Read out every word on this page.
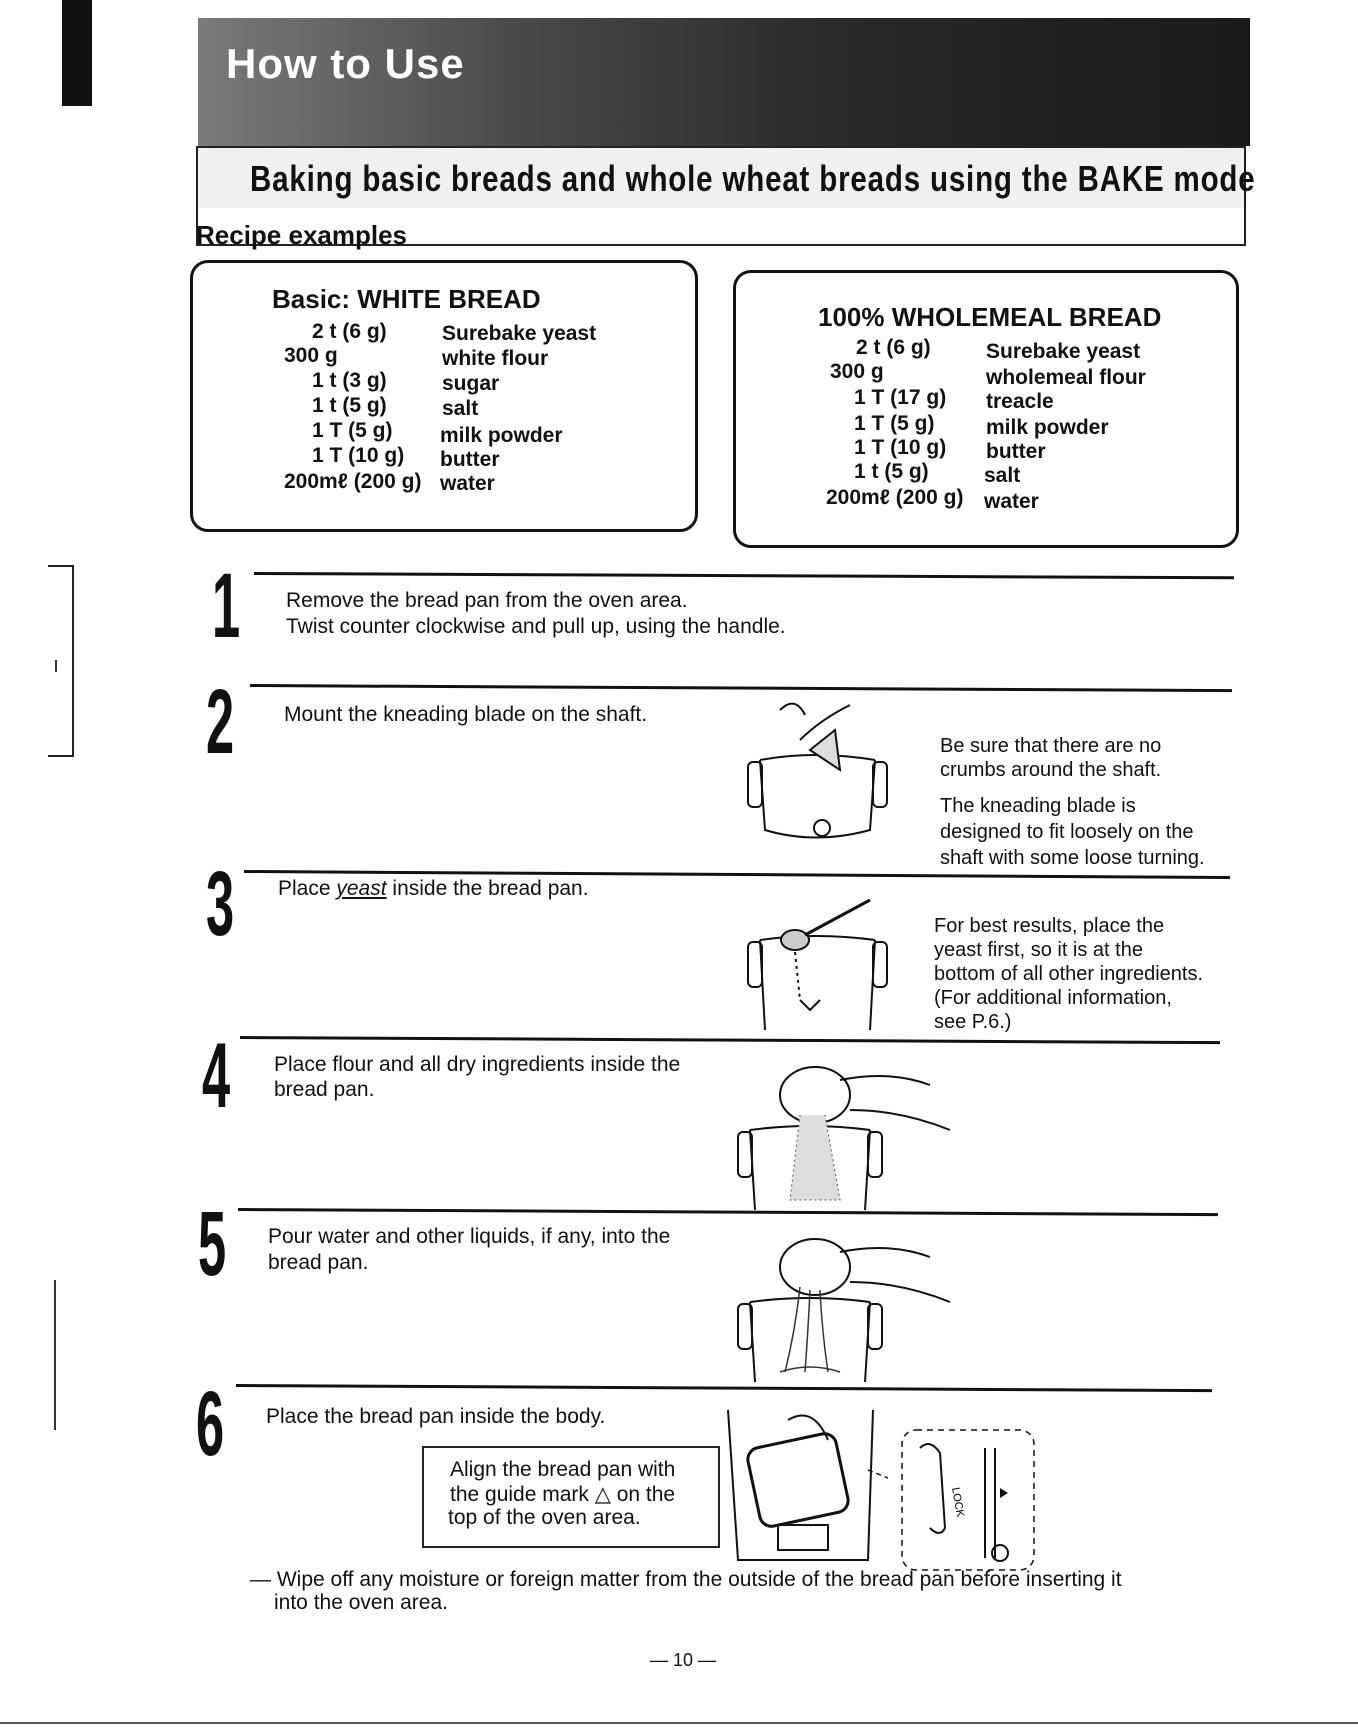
How to Use
Baking basic breads and whole wheat breads using the BAKE mode
Recipe examples
Basic: WHITE BREAD
2 t (6 g)	Surebake yeast
300 g	white flour
1 t (3 g)	sugar
1 t (5 g)	salt
1 T (5 g) milk powder
1 T (10 g) butter
200mℓ (200 g) water
100% WHOLEMEAL BREAD
2 t (6 g)	Surebake yeast
300 g	wholemeal flour
1 T (17 g) treacle
1 T (5 g) milk powder
1 T (10 g) butter
1 t (5 g)	salt
200mℓ (200 g) water
1 Remove the bread pan from the oven area.
Twist counter clockwise and pull up, using the handle.
2 Mount the kneading blade on the shaft.
Be sure that there are no
crumbs around the shaft.
The kneading blade is
designed to fit loosely on the
shaft with some loose turning.
3 Place yeast inside the bread pan.
For best results, place the
yeast first, so it is at the
bottom of all other ingredients.
(For additional information,
see P.6.)
4 Place flour and all dry ingredients inside the
bread pan.
5 Pour water and other liquids, if any, into the
bread pan.
6 Place the bread pan inside the body.
Align the bread pan with
the guide mark △ on the
top of the oven area.	LOCK
— Wipe off any moisture or foreign matter from the outside of the bread pan before inserting it
into the oven area.
— 10 —
